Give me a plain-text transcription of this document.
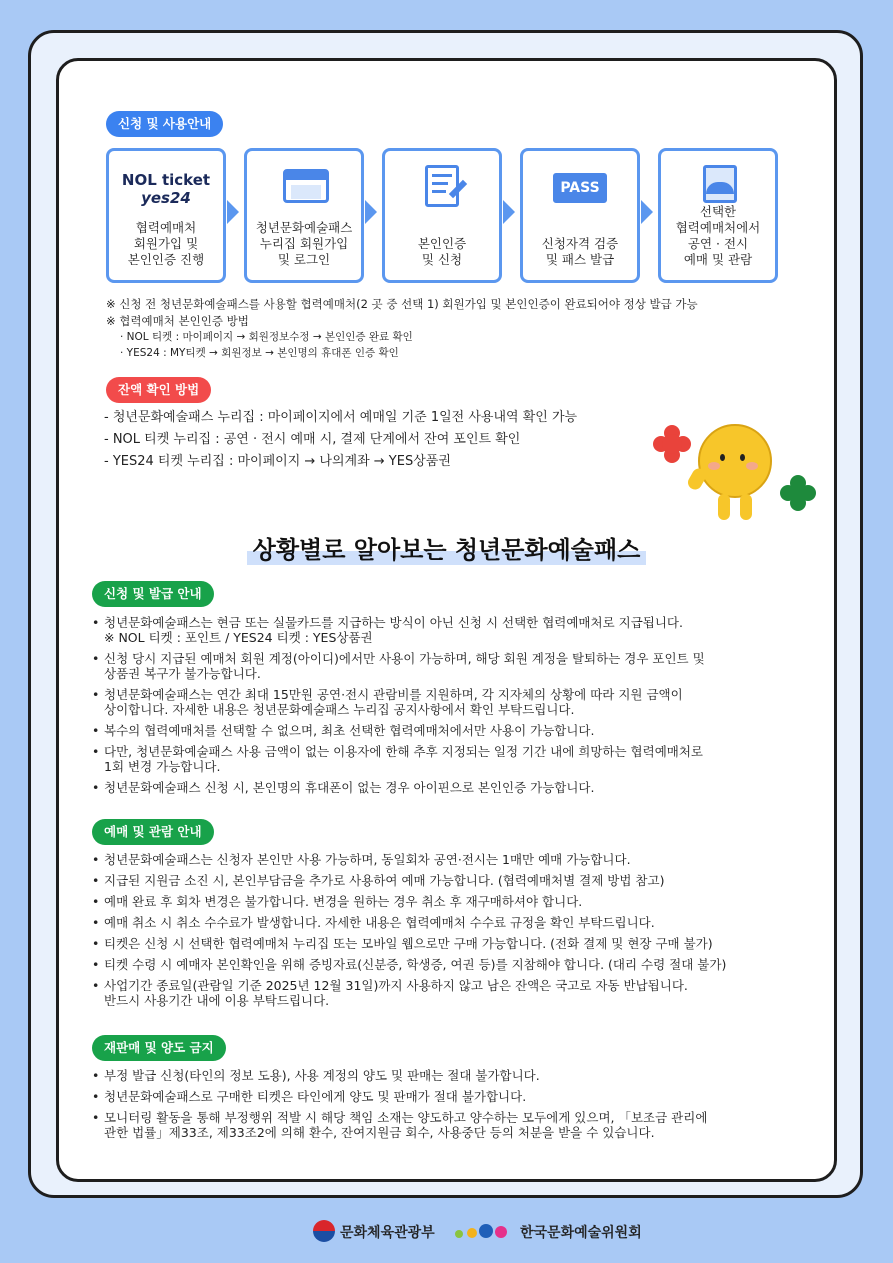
신청 및 사용안내
NOL ticket
yes24
협력예매처
회원가입 및
본인인증 진행
청년문화예술패스
누리집 회원가입
및 로그인
본인인증
및 신청
PASS
신청자격 검증
및 패스 발급
선택한
협력예매처에서
공연 · 전시
예매 및 관람
※ 신청 전 청년문화예술패스를 사용할 협력예매처(2 곳 중 선택 1) 회원가입 및 본인인증이 완료되어야 정상 발급 가능
※ 협력예매처 본인인증 방법
· NOL 티켓 : 마이페이지 → 회원정보수정 → 본인인증 완료 확인
· YES24 : MY티켓 → 회원정보 → 본인명의 휴대폰 인증 확인
잔액 확인 방법
- 청년문화예술패스 누리집 : 마이페이지에서 예매일 기준 1일전 사용내역 확인 가능
- NOL 티켓 누리집 : 공연 · 전시 예매 시, 결제 단계에서 잔여 포인트 확인
- YES24 티켓 누리집 : 마이페이지 → 나의계좌 → YES상품권
상황별로 알아보는 청년문화예술패스
신청 및 발급 안내
• 청년문화예술패스는 현금 또는 실물카드를 지급하는 방식이 아닌 신청 시 선택한 협력예매처로 지급됩니다.
※ NOL 티켓 : 포인트 / YES24 티켓 : YES상품권
• 신청 당시 지급된 예매처 회원 계정(아이디)에서만 사용이 가능하며, 해당 회원 계정을 탈퇴하는 경우 포인트 및
상품권 복구가 불가능합니다.
• 청년문화예술패스는 연간 최대 15만원 공연·전시 관람비를 지원하며, 각 지자체의 상황에 따라 지원 금액이
상이합니다. 자세한 내용은 청년문화예술패스 누리집 공지사항에서 확인 부탁드립니다.
• 복수의 협력예매처를 선택할 수 없으며, 최초 선택한 협력예매처에서만 사용이 가능합니다.
• 다만, 청년문화예술패스 사용 금액이 없는 이용자에 한해 추후 지정되는 일정 기간 내에 희망하는 협력예매처로
1회 변경 가능합니다.
• 청년문화예술패스 신청 시, 본인명의 휴대폰이 없는 경우 아이핀으로 본인인증 가능합니다.
예매 및 관람 안내
• 청년문화예술패스는 신청자 본인만 사용 가능하며, 동일회차 공연·전시는 1매만 예매 가능합니다.
• 지급된 지원금 소진 시, 본인부담금을 추가로 사용하여 예매 가능합니다. (협력예매처별 결제 방법 참고)
• 예매 완료 후 회차 변경은 불가합니다. 변경을 원하는 경우 취소 후 재구매하셔야 합니다.
• 예매 취소 시 취소 수수료가 발생합니다. 자세한 내용은 협력예매처 수수료 규정을 확인 부탁드립니다.
• 티켓은 신청 시 선택한 협력예매처 누리집 또는 모바일 웹으로만 구매 가능합니다. (전화 결제 및 현장 구매 불가)
• 티켓 수령 시 예매자 본인확인을 위해 증빙자료(신분증, 학생증, 여권 등)를 지참해야 합니다. (대리 수령 절대 불가)
• 사업기간 종료일(관람일 기준 2025년 12월 31일)까지 사용하지 않고 남은 잔액은 국고로 자동 반납됩니다.
반드시 사용기간 내에 이용 부탁드립니다.
재판매 및 양도 금지
• 부정 발급 신청(타인의 정보 도용), 사용 계정의 양도 및 판매는 절대 불가합니다.
• 청년문화예술패스로 구매한 티켓은 타인에게 양도 및 판매가 절대 불가합니다.
• 모니터링 활동을 통해 부정행위 적발 시 해당 책임 소재는 양도하고 양수하는 모두에게 있으며, 「보조금 관리에
관한 법률」제33조, 제33조2에 의해 환수, 잔여지원금 회수, 사용중단 등의 처분을 받을 수 있습니다.
문화체육관광부	한국문화예술위원회
